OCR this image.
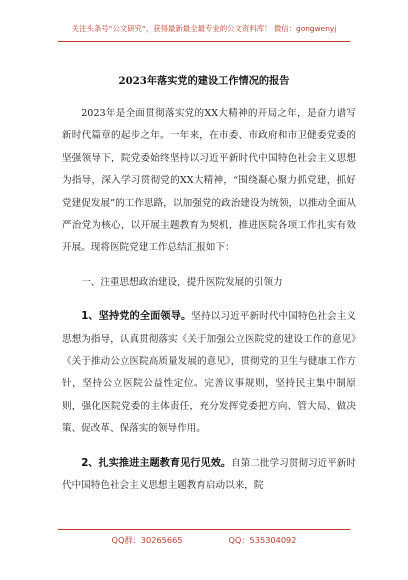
关注头条号“公文研究”，获得最新最全最专业的公文资料库！ 微信：gongwenyj
2023年落实党的建设工作情况的报告

2023年是全面贯彻落实党的XX大精神的开局之年，是奋力谱写新时代篇章的起步之年。一年来，在市委、市政府和市卫健委党委的坚强领导下，院党委始终坚持以习近平新时代中国特色社会主义思想为指导，深入学习贯彻党的XX大精神，“围绕凝心聚力抓党建，抓好党建促发展”的工作思路，以加强党的政治建设为统领，以推动全面从严治党为核心，以开展主题教育为契机，推进医院各项工作扎实有效开展。现将医院党建工作总结汇报如下：

一、注重思想政治建设，提升医院发展的引领力

1、坚持党的全面领导。坚持以习近平新时代中国特色社会主义思想为指导，认真贯彻落实《关于加强公立医院党的建设工作的意见》《关于推动公立医院高质量发展的意见》，贯彻党的卫生与健康工作方针，坚持公立医院公益性定位。完善议事规则，坚持民主集中制原则，强化医院党委的主体责任，充分发挥党委把方向、管大局、做决策、促改革、保落实的领导作用。

2、扎实推进主题教育见行见效。自第二批学习贯彻习近平新时代中国特色社会主义思想主题教育启动以来，院

QQ群：30265665	QQ：535304092
